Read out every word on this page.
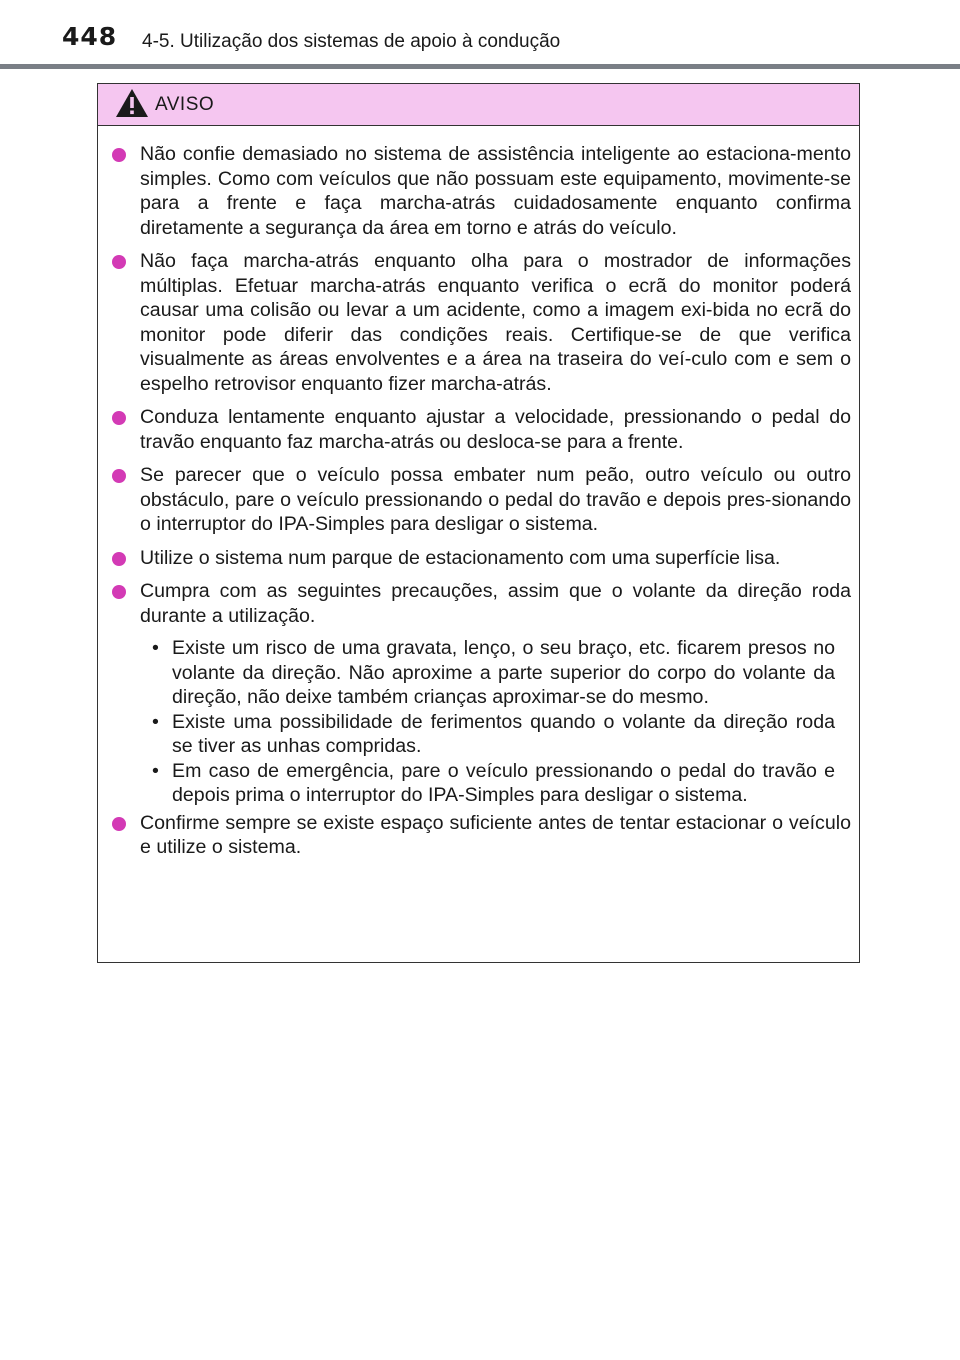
448 4-5. Utilização dos sistemas de apoio à condução
AVISO
Não confie demasiado no sistema de assistência inteligente ao estaciona-mento simples. Como com veículos que não possuam este equipamento, movimente-se para a frente e faça marcha-atrás cuidadosamente enquanto confirma diretamente a segurança da área em torno e atrás do veículo.
Não faça marcha-atrás enquanto olha para o mostrador de informações múltiplas. Efetuar marcha-atrás enquanto verifica o ecrã do monitor poderá causar uma colisão ou levar a um acidente, como a imagem exi-bida no ecrã do monitor pode diferir das condições reais. Certifique-se de que verifica visualmente as áreas envolventes e a área na traseira do veí-culo com e sem o espelho retrovisor enquanto fizer marcha-atrás.
Conduza lentamente enquanto ajustar a velocidade, pressionando o pedal do travão enquanto faz marcha-atrás ou desloca-se para a frente.
Se parecer que o veículo possa embater num peão, outro veículo ou outro obstáculo, pare o veículo pressionando o pedal do travão e depois pres-sionando o interruptor do IPA-Simples para desligar o sistema.
Utilize o sistema num parque de estacionamento com uma superfície lisa.
Cumpra com as seguintes precauções, assim que o volante da direção roda durante a utilização.
• Existe um risco de uma gravata, lenço, o seu braço, etc. ficarem presos no volante da direção. Não aproxime a parte superior do corpo do volante da direção, não deixe também crianças aproximar-se do mesmo.
• Existe uma possibilidade de ferimentos quando o volante da direção roda se tiver as unhas compridas.
• Em caso de emergência, pare o veículo pressionando o pedal do travão e depois prima o interruptor do IPA-Simples para desligar o sistema.
Confirme sempre se existe espaço suficiente antes de tentar estacionar o veículo e utilize o sistema.
